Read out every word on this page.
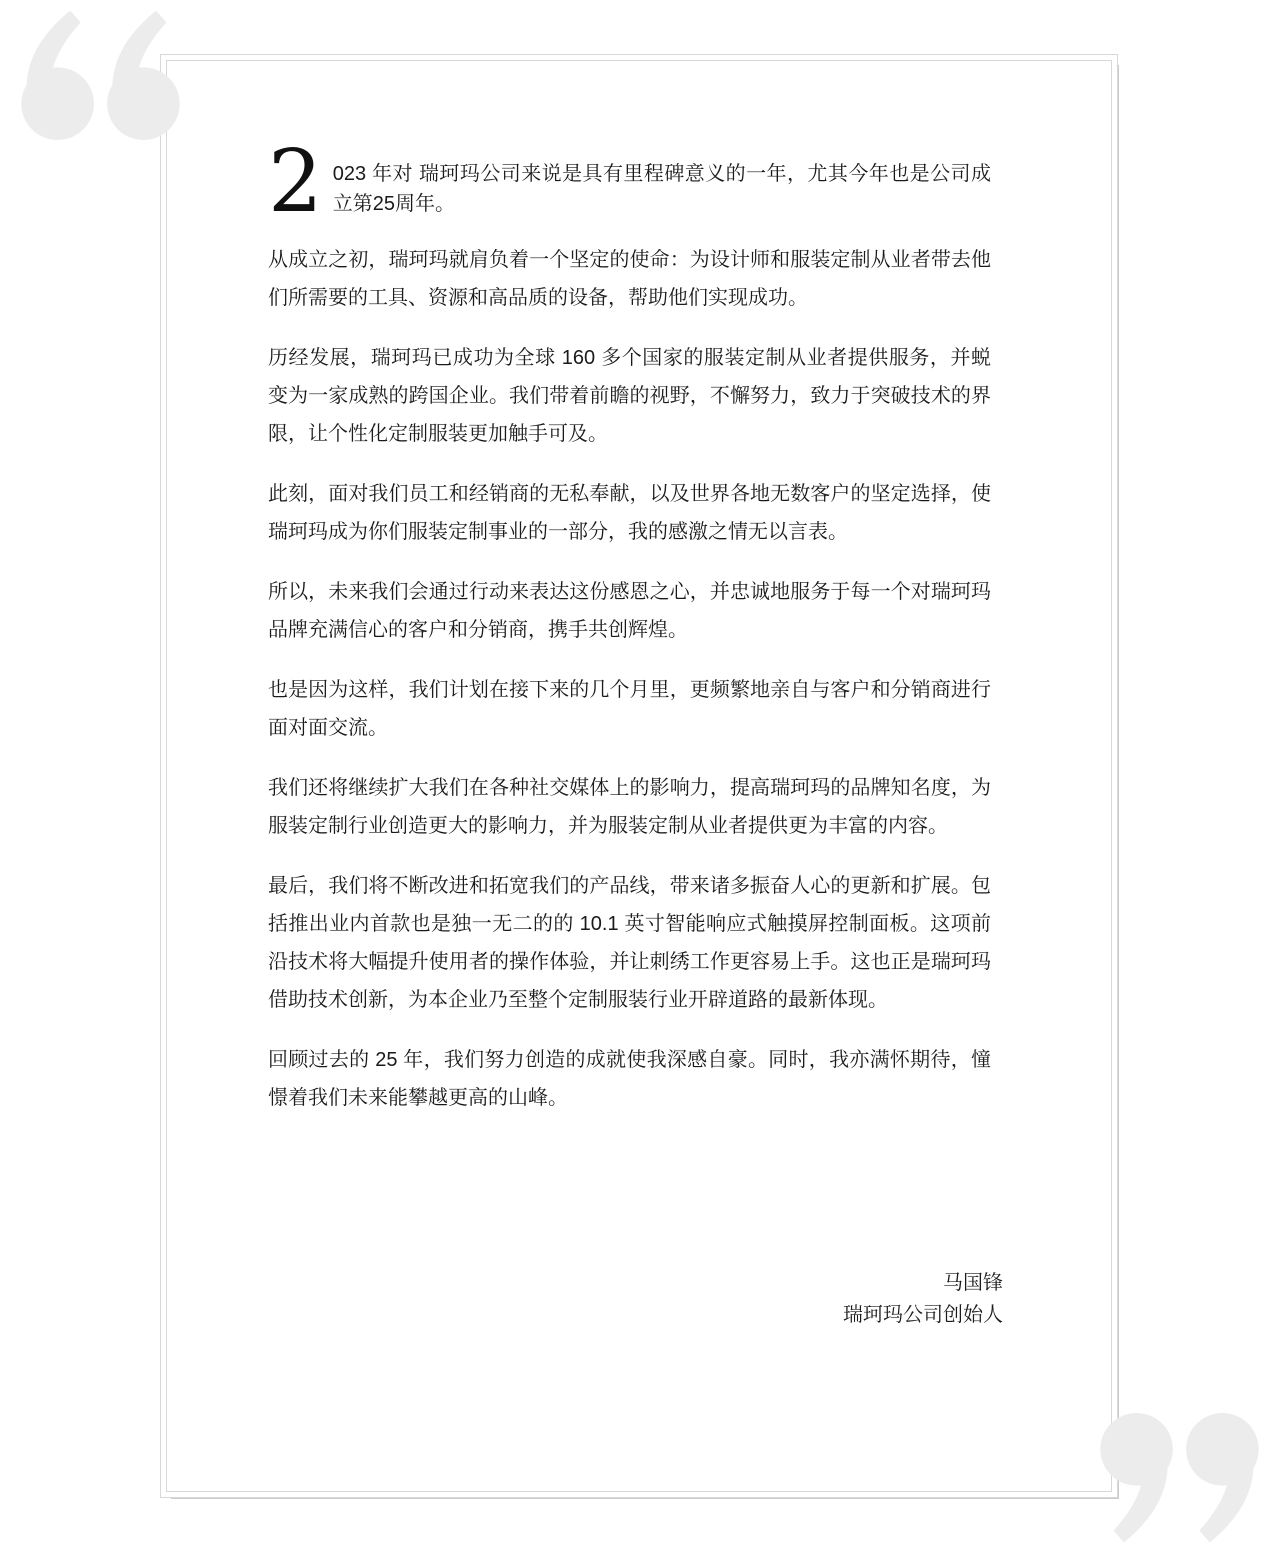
2 023 年对 瑞珂玛公司来说是具有里程碑意义的一年，尤其今年也是公司成立第25周年。

从成立之初，瑞珂玛就肩负着一个坚定的使命：为设计师和服装定制从业者带去他们所需要的工具、资源和高品质的设备，帮助他们实现成功。

历经发展，瑞珂玛已成功为全球 160 多个国家的服装定制从业者提供服务，并蜕变为一家成熟的跨国企业。我们带着前瞻的视野，不懈努力，致力于突破技术的界限，让个性化定制服装更加触手可及。

此刻，面对我们员工和经销商的无私奉献，以及世界各地无数客户的坚定选择，使瑞珂玛成为你们服装定制事业的一部分，我的感激之情无以言表。

所以，未来我们会通过行动来表达这份感恩之心，并忠诚地服务于每一个对瑞珂玛品牌充满信心的客户和分销商，携手共创辉煌。

也是因为这样，我们计划在接下来的几个月里，更频繁地亲自与客户和分销商进行面对面交流。

我们还将继续扩大我们在各种社交媒体上的影响力，提高瑞珂玛的品牌知名度，为服装定制行业创造更大的影响力，并为服装定制从业者提供更为丰富的内容。

最后，我们将不断改进和拓宽我们的产品线，带来诸多振奋人心的更新和扩展。包括推出业内首款也是独一无二的的 10.1 英寸智能响应式触摸屏控制面板。这项前沿技术将大幅提升使用者的操作体验，并让刺绣工作更容易上手。这也正是瑞珂玛借助技术创新，为本企业乃至整个定制服装行业开辟道路的最新体现。

回顾过去的 25 年，我们努力创造的成就使我深感自豪。同时，我亦满怀期待，憧憬着我们未来能攀越更高的山峰。

马国锋
瑞珂玛公司创始人
